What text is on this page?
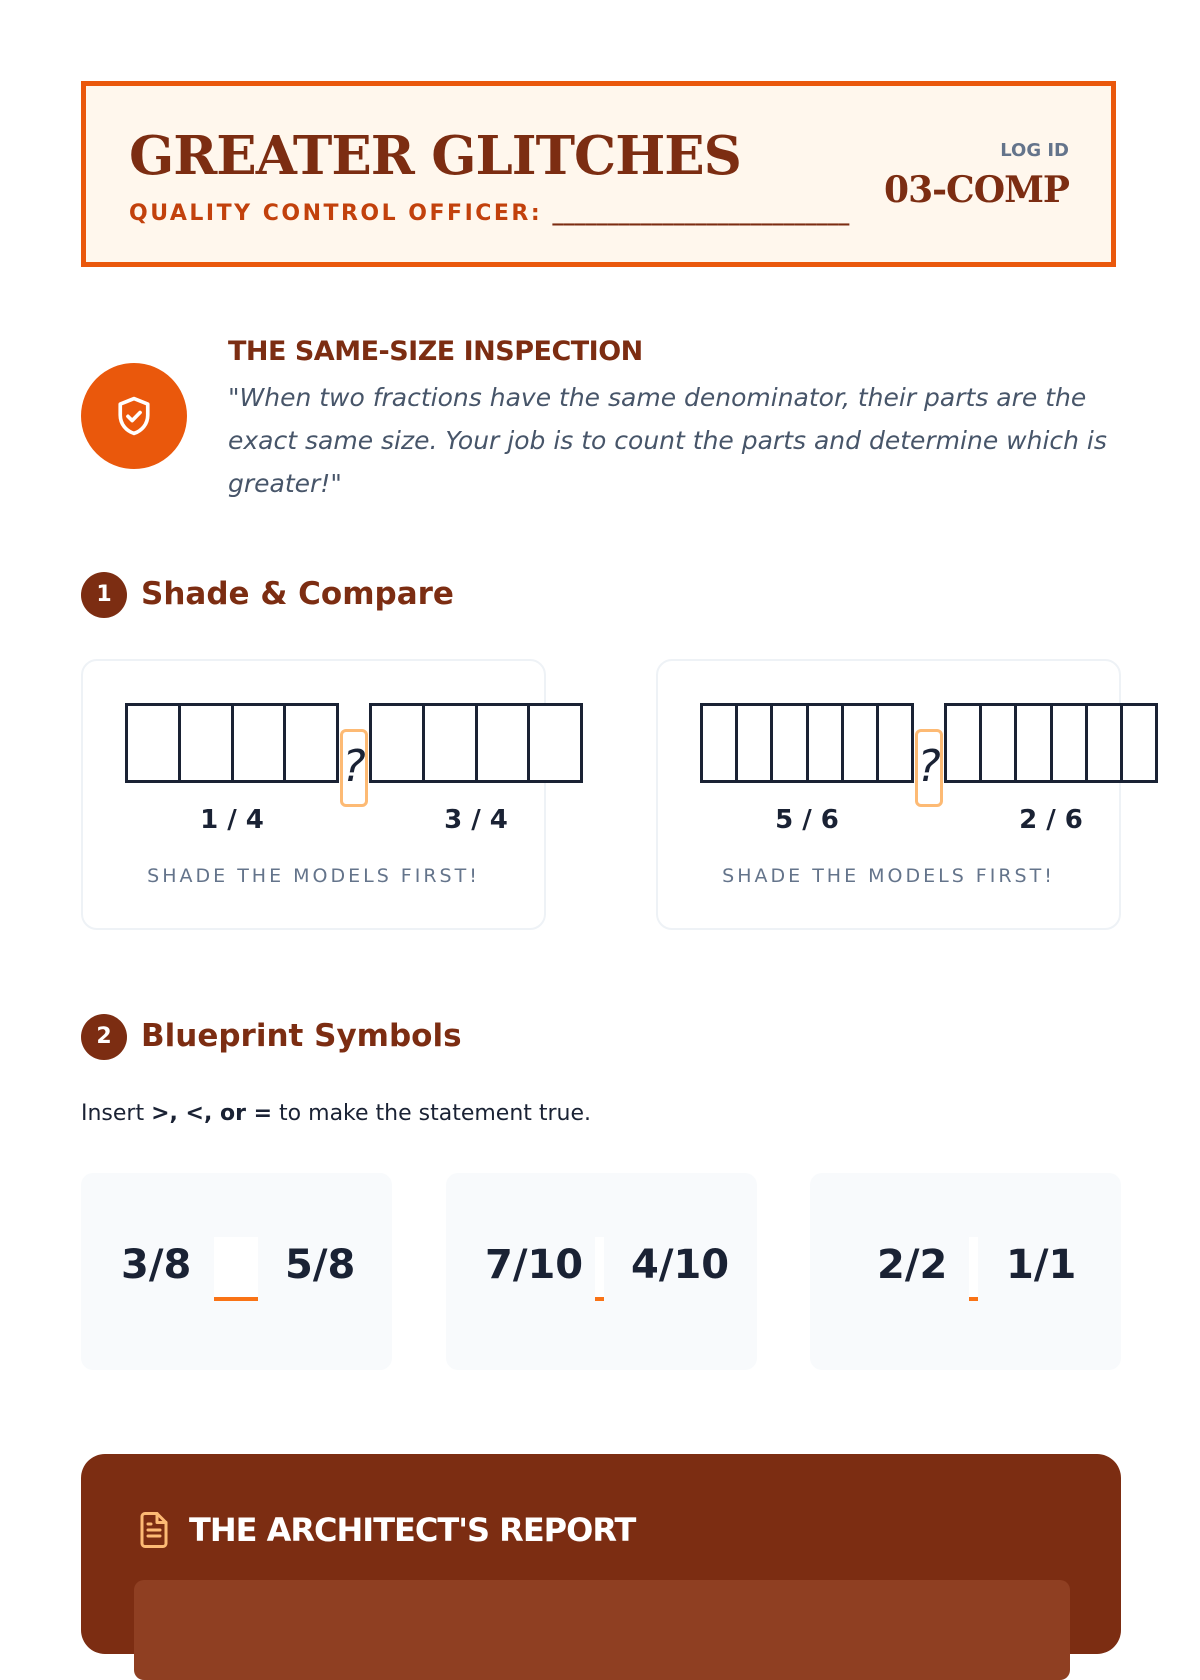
GREATER GLITCHES
QUALITY CONTROL OFFICER: ___________________________
LOG ID
03-COMP
THE SAME-SIZE INSPECTION
"When two fractions have the same denominator, their parts are the exact same size. Your job is to count the parts and determine which is greater!"
1 Shade & Compare
?
1 / 4	3 / 4
SHADE THE MODELS FIRST!
?
5 / 6	2 / 6
SHADE THE MODELS FIRST!
2 Blueprint Symbols
Insert >, <, or = to make the statement true.
3/8 5/8	7/10 4/10	2/2 1/1
THE ARCHITECT'S REPORT
